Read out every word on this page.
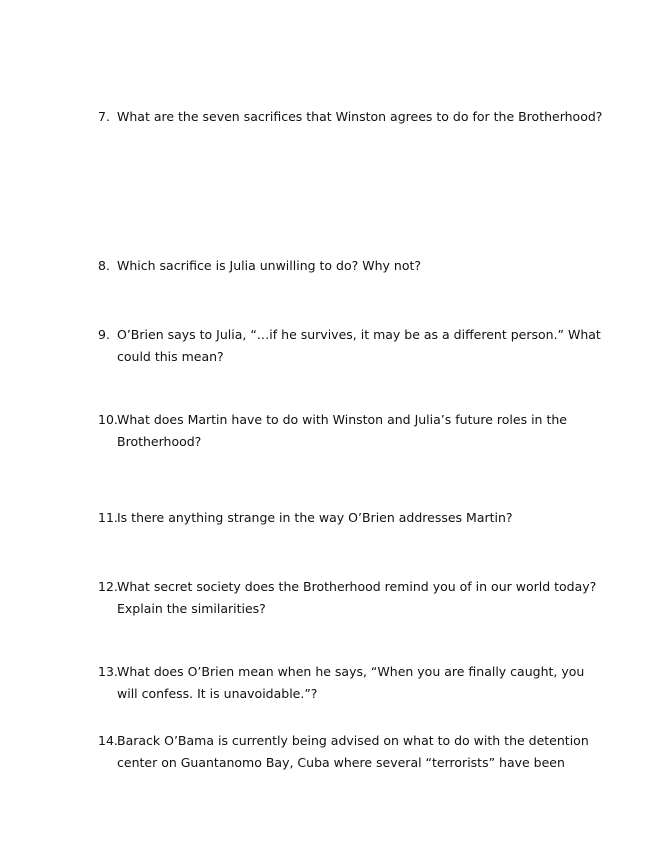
7. What are the seven sacrifices that Winston agrees to do for the Brotherhood?
8. Which sacrifice is Julia unwilling to do? Why not?
9. O’Brien says to Julia, “…if he survives, it may be as a different person.” What
could this mean?
10. What does Martin have to do with Winston and Julia’s future roles in the
Brotherhood?
11. Is there anything strange in the way O’Brien addresses Martin?
12. What secret society does the Brotherhood remind you of in our world today?
Explain the similarities?
13. What does O’Brien mean when he says, “When you are finally caught, you
will confess. It is unavoidable.”?
14. Barack O’Bama is currently being advised on what to do with the detention
center on Guantanomo Bay, Cuba where several “terrorists” have been
